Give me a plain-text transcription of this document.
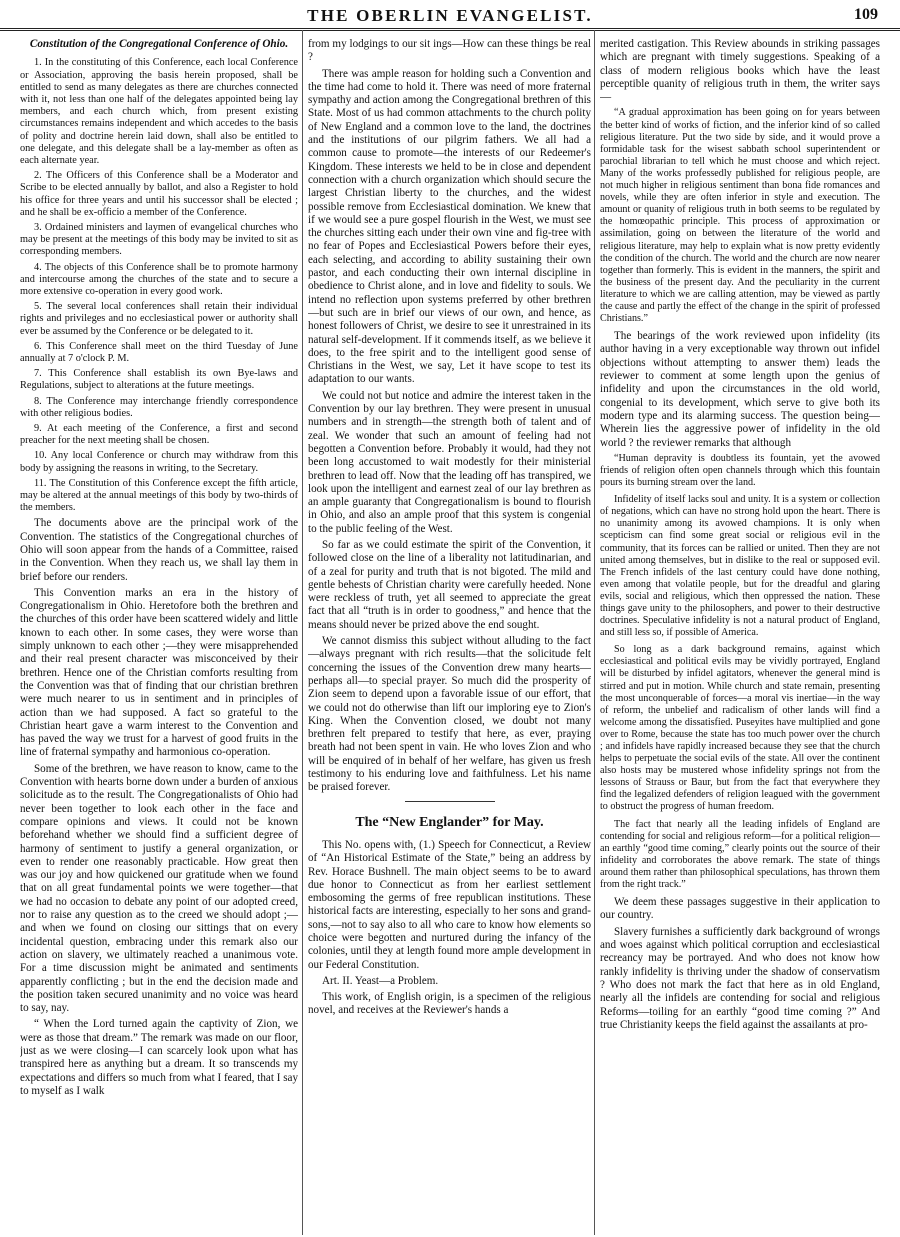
THE OBERLIN EVANGELIST.	109
Constitution of the Congregational Conference of Ohio.

1. In the constituting of this Conference, each local Conference or Association, approving the basis herein proposed, shall be entitled to send as many delegates as there are churches connected with it, not less than one half of the delegates appointed being lay members, and each church which, from present existing circumstances remains independent and which accedes to the basis of polity and doctrine herein laid down, shall also be entitled to one delegate, and this delegate shall be a lay-member as often as each alternate year.

2. The Officers of this Conference shall be a Moderator and Scribe to be elected annually by ballot, and also a Register to hold his office for three years and until his successor shall be elected ; and he shall be ex-officio a member of the Conference.

3. Ordained ministers and laymen of evangelical churches who may be present at the meetings of this body may be invited to sit as corresponding members.

4. The objects of this Conference shall be to promote harmony and intercourse among the churches of the state and to secure a more extensive co-operation in every good work.

5. The several local conferences shall retain their individual rights and privileges and no ecclesiastical power or authority shall ever be assumed by the Conference or be delegated to it.

6. This Conference shall meet on the third Tuesday of June annually at 7 o'clock P. M.

7. This Conference shall establish its own Bye-laws and Regulations, subject to alterations at the future meetings.

8. The Conference may interchange friendly correspondence with other religious bodies.

9. At each meeting of the Conference, a first and second preacher for the next meeting shall be chosen.

10. Any local Conference or church may withdraw from this body by assigning the reasons in writing, to the Secretary.

11. The Constitution of this Conference except the fifth article, may be altered at the annual meetings of this body by two-thirds of the members.

The documents above are the principal work of the Convention. The statistics of the Congregational churches of Ohio will soon appear from the hands of a Committee, raised in the Convention. When they reach us, we shall lay them in brief before our renders.

This Convention marks an era in the history of Congregationalism in Ohio. Heretofore both the brethren and the churches of this order have been scattered widely and little known to each other. In some cases, they were worse than simply unknown to each other ;—they were misapprehended and their real present character was misconceived by their brethren. Hence one of the Christian comforts resulting from the Convention was that of finding that our christian brethren were much nearer to us in sentiment and in principles of action than we had supposed. A fact so grateful to the Christian heart gave a warm interest to the Convention and has paved the way we trust for a harvest of good fruits in the line of fraternal sympathy and harmonious co-operation.

Some of the brethren, we have reason to know, came to the Convention with hearts borne down under a burden of anxious solicitude as to the result. The Congregationalists of Ohio had never been together to look each other in the face and compare opinions and views. It could not be known beforehand whether we should find a sufficient degree of harmony of sentiment to justify a general organization, or even to render one reasonably practicable. How great then was our joy and how quickened our gratitude when we found that on all great fundamental points we were together—that we had no occasion to debate any point of our adopted creed, nor to raise any question as to the creed we should adopt ;—and when we found on closing our sittings that on every incidental question, embracing under this remark also our action on slavery, we ultimately reached a unanimous vote. For a time discussion might be animated and sentiments apparently conflicting ; but in the end the decision made and the position taken secured unanimity and no voice was heard to say, nay.

“ When the Lord turned again the captivity of Zion, we were as those that dream.” The remark was made on our floor, just as we were closing—I can scarcely look upon what has transpired here as anything but a dream. It so transcends my expectations and differs so much from what I feared, that I say to myself as I walk

from my lodgings to our sit ings—How can these things be real ?

There was ample reason for holding such a Convention and the time had come to hold it. There was need of more fraternal sympathy and action among the Congregational brethren of this State. Most of us had common attachments to the church polity of New England and a common love to the land, the doctrines and the institutions of our pilgrim fathers. We all had a common cause to promote—the interests of our Redeemer's Kingdom. These interests we held to be in close and dependent connection with a church organization which should secure the largest Christian liberty to the churches, and the widest possible remove from Ecclesiastical domination. We knew that if we would see a pure gospel flourish in the West, we must see the churches sitting each under their own vine and fig-tree with no fear of Popes and Ecclesiastical Powers before their eyes, each selecting, and according to ability sustaining their own pastor, and each conducting their own internal discipline in obedience to Christ alone, and in love and fidelity to souls. We intend no reflection upon systems preferred by other brethren—but such are in brief our views of our own, and hence, as honest followers of Christ, we desire to see it unrestrained in its natural self-development. If it commends itself, as we believe it does, to the free spirit and to the intelligent good sense of Christians in the West, we say, Let it have scope to test its adaptation to our wants.

We could not but notice and admire the interest taken in the Convention by our lay brethren. They were present in unusual numbers and in strength—the strength both of talent and of zeal. We wonder that such an amount of feeling had not begotten a Convention before. Probably it would, had they not been long accustomed to wait modestly for their ministerial brethren to lead off. Now that the leading off has transpired, we look upon the intelligent and earnest zeal of our lay brethren as an ample guaranty that Congregationalism is bound to flourish in Ohio, and also an ample proof that this system is congenial to the public feeling of the West.

So far as we could estimate the spirit of the Convention, it followed close on the line of a liberality not latitudinarian, and of a zeal for purity and truth that is not bigoted. The mild and gentle behests of Christian charity were carefully heeded. None were reckless of truth, yet all seemed to appreciate the great fact that all “truth is in order to goodness,” and hence that the means should never be prized above the end sought.

We cannot dismiss this subject without alluding to the fact—always pregnant with rich results—that the solicitude felt concerning the issues of the Convention drew many hearts—perhaps all—to special prayer. So much did the prosperity of Zion seem to depend upon a favorable issue of our effort, that we could not do otherwise than lift our imploring eye to Zion's King. When the Convention closed, we doubt not many brethren felt prepared to testify that here, as ever, praying breath had not been spent in vain. He who loves Zion and who will be enquired of in behalf of her welfare, has given us fresh testimony to his enduring love and faithfulness. Let his name be praised forever.

The “New Englander” for May.

This No. opens with, (1.) Speech for Connecticut, a Review of “An Historical Estimate of the State,” being an address by Rev. Horace Bushnell. The main object seems to be to award due honor to Connecticut as from her earliest settlement embosoming the germs of free republican institutions. These historical facts are interesting, especially to her sons and grand-sons,—not to say also to all who care to know how elements so choice were begotten and nurtured during the infancy of the colonies, until they at length found more ample development in our Federal Constitution.

Art. II. Yeast—a Problem.

This work, of English origin, is a specimen of the religious novel, and receives at the Reviewer's hands a

merited castigation. This Review abounds in striking passages which are pregnant with timely suggestions. Speaking of a class of modern religious books which have the least perceptible quanity of religious truth in them, the writer says—

“A gradual approximation has been going on for years between the better kind of works of fiction, and the inferior kind of so called religious literature. Put the two side by side, and it would prove a formidable task for the wisest sabbath school superintendent or parochial librarian to tell which he must choose and which reject. Many of the works professedly published for religious people, are not much higher in religious sentiment than bona fide romances and novels, while they are often inferior in style and execution. The amount or quanity of religious truth in both seems to be regulated by the homœopathic principle. This process of approximation or assimilation, going on between the literature of the world and religious literature, may help to explain what is now pretty evidently the condition of the church. The world and the church are now nearer together than formerly. This is evident in the manners, the spirit and the business of the present day. And the peculiarity in the current literature to which we are calling attention, may be viewed as partly the cause and partly the effect of the change in the spirit of professed Christians.”

The bearings of the work reviewed upon infidelity (its author having in a very exceptionable way thrown out infidel objections without attempting to answer them) leads the reviewer to comment at some length upon the genius of infidelity and upon the circumstances in the old world, congenial to its development, which serve to give both its modern type and its alarming success. The question being—Wherein lies the aggressive power of infidelity in the old world ? the reviewer remarks that although

“Human depravity is doubtless its fountain, yet the avowed friends of religion often open channels through which this fountain pours its burning stream over the land.

Infidelity of itself lacks soul and unity. It is a system or collection of negations, which can have no strong hold upon the heart. There is no unanimity among its avowed champions. It is only when scepticism can find some great social or religious evil in the community, that its forces can be rallied or united. Then they are not united among themselves, but in dislike to the real or supposed evil. The French infidels of the last century could have done nothing, even among that volatile people, but for the dreadful and glaring evils, social and religious, which then oppressed the nation. These things gave unity to the philosophers, and power to their destructive doctrines. Speculative infidelity is not a natural product of England, and still less so, if possible of America.

So long as a dark background remains, against which ecclesiastical and political evils may be vividly portrayed, England will be disturbed by infidel agitators, whenever the general mind is stirred and put in motion. While church and state remain, presenting the most unconquerable of forces—a moral vis inertiae—in the way of reform, the unbelief and radicalism of other lands will find a welcome among the dissatisfied. Puseyites have multiplied and gone over to Rome, because the state has too much power over the church ; and infidels have rapidly increased because they see that the church helps to perpetuate the social evils of the state. All over the continent also hosts may be mustered whose infidelity springs not from the lessons of Strauss or Baur, but from the fact that everywhere they find the legalized defenders of religion leagued with the government to obstruct the progress of human freedom.

The fact that nearly all the leading infidels of England are contending for social and religious reform—for a political religion—an earthly “good time coming,” clearly points out the source of their infidelity and corroborates the above remark. The state of things around them rather than philosophical speculations, has thrown them from the right track.”

We deem these passages suggestive in their application to our country.

Slavery furnishes a sufficiently dark background of wrongs and woes against which political corruption and ecclesiastical recreancy may be portrayed. And who does not know how rankly infidelity is thriving under the shadow of conservatism ? Who does not mark the fact that here as in old England, nearly all the infidels are contending for social and religious Reforms—toiling for an earthly “good time coming ?” And true Christianity keeps the field against the assailants at pro-
